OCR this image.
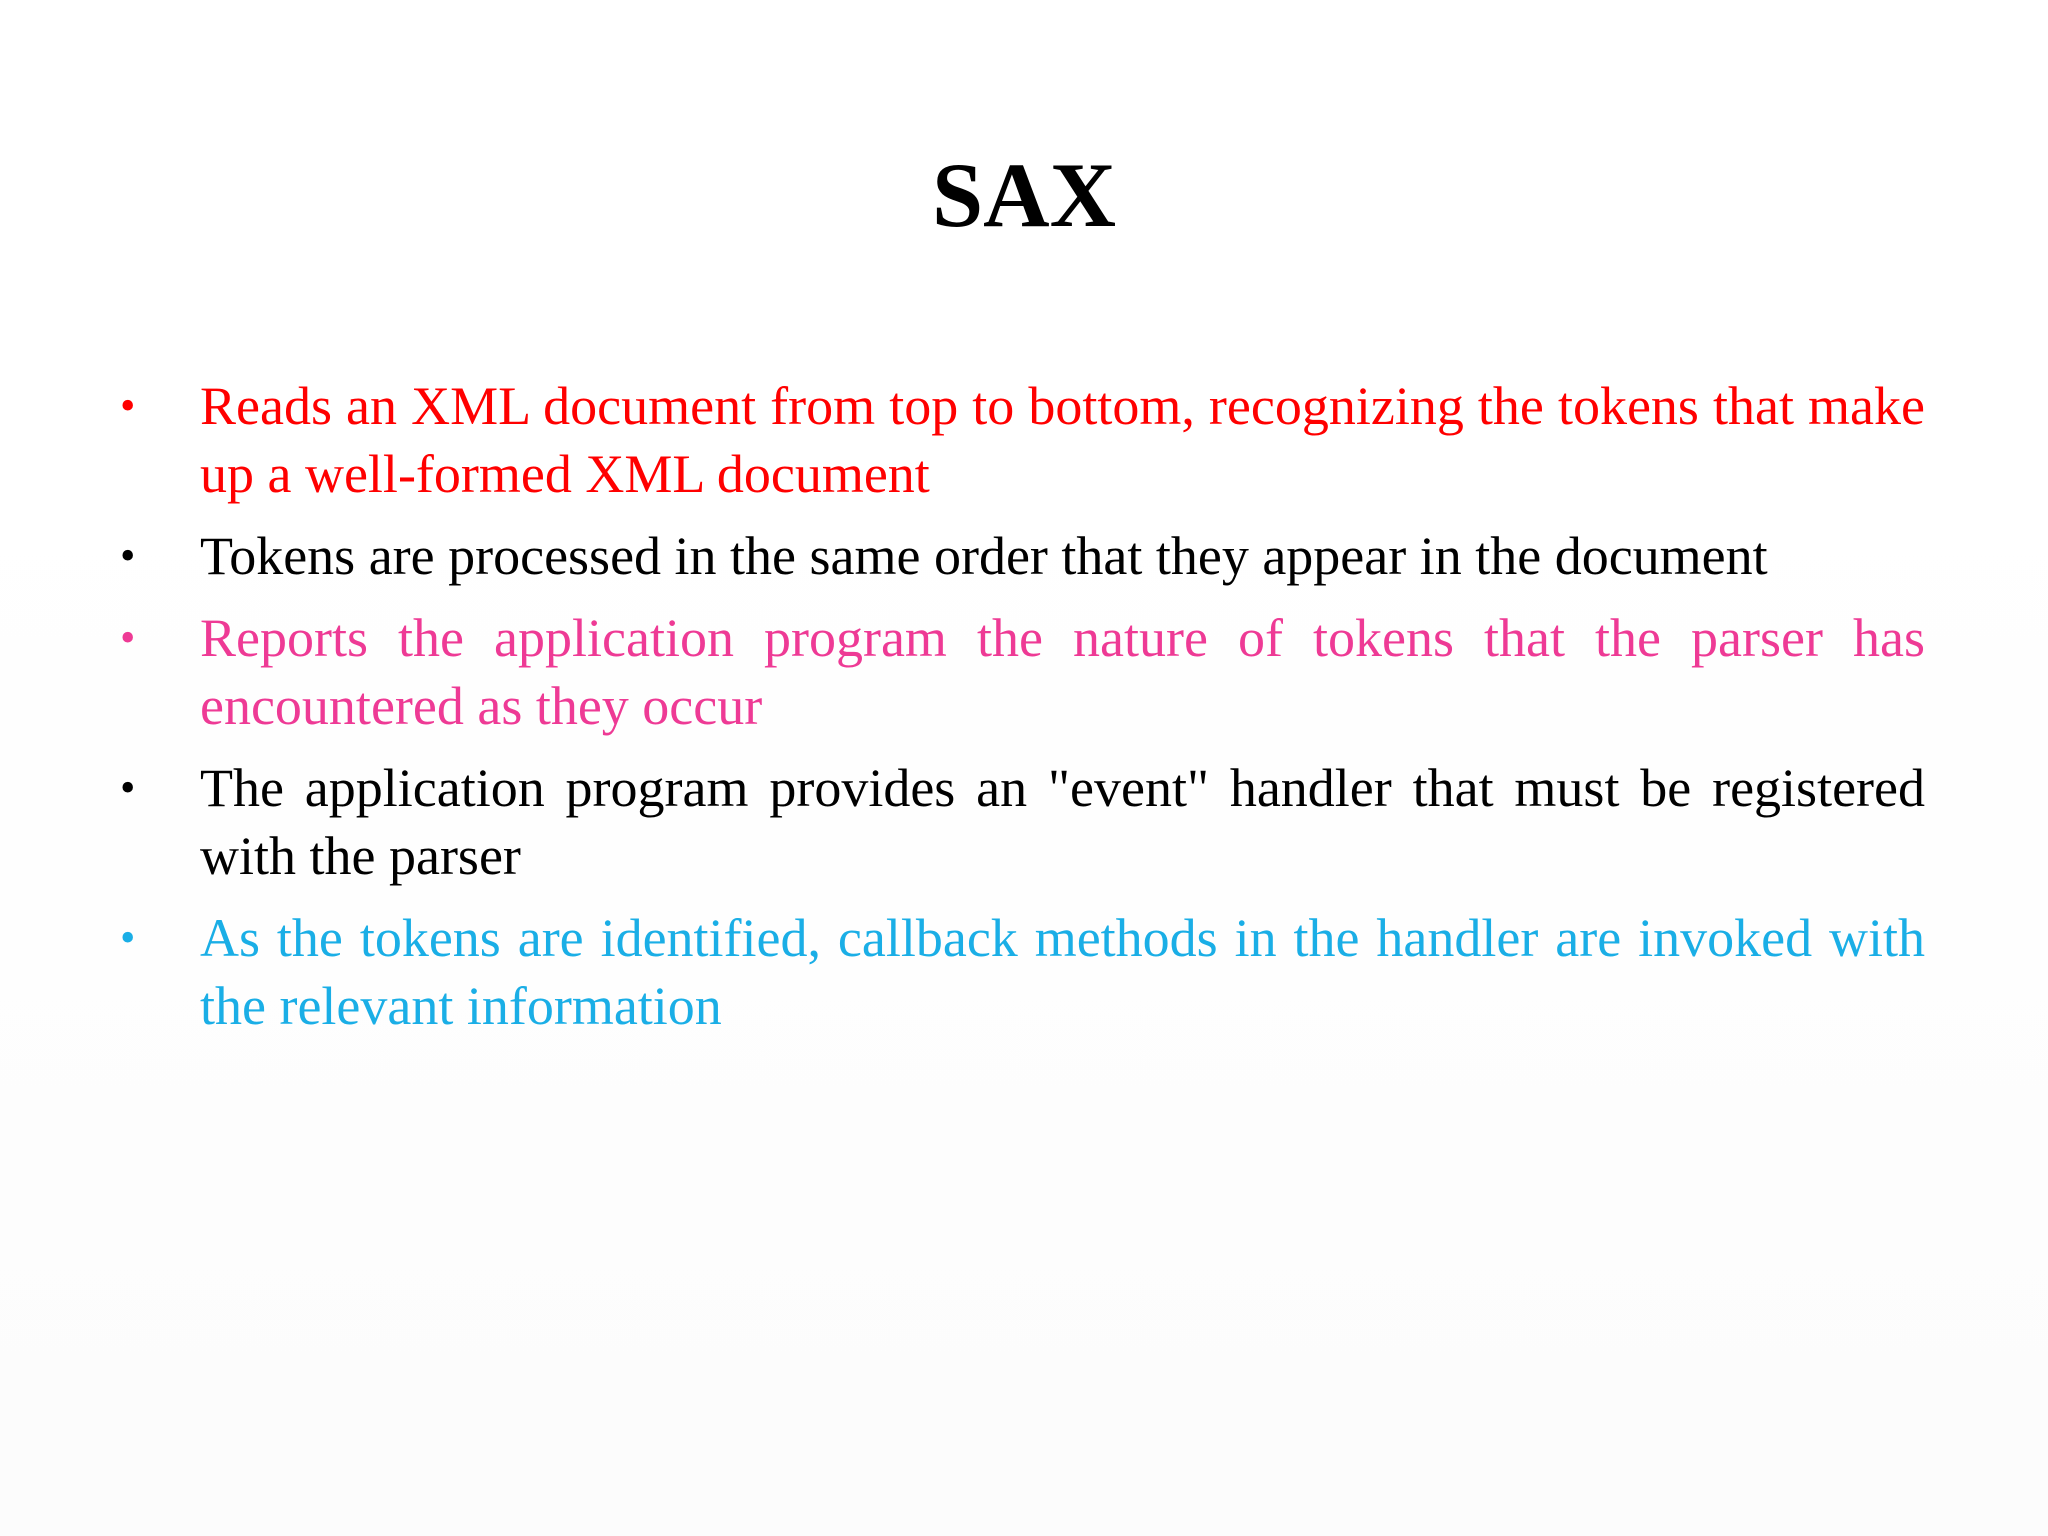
SAX
•	Reads an XML document from top to bottom, recognizing the tokens that make up a well-formed XML document
•	Tokens are processed in the same order that they appear in the document
•	Reports the application program the nature of tokens that the parser has encountered as they occur
•	The application program provides an "event" handler that must be registered with the parser
•	As the tokens are identified, callback methods in the handler are invoked with the relevant information
